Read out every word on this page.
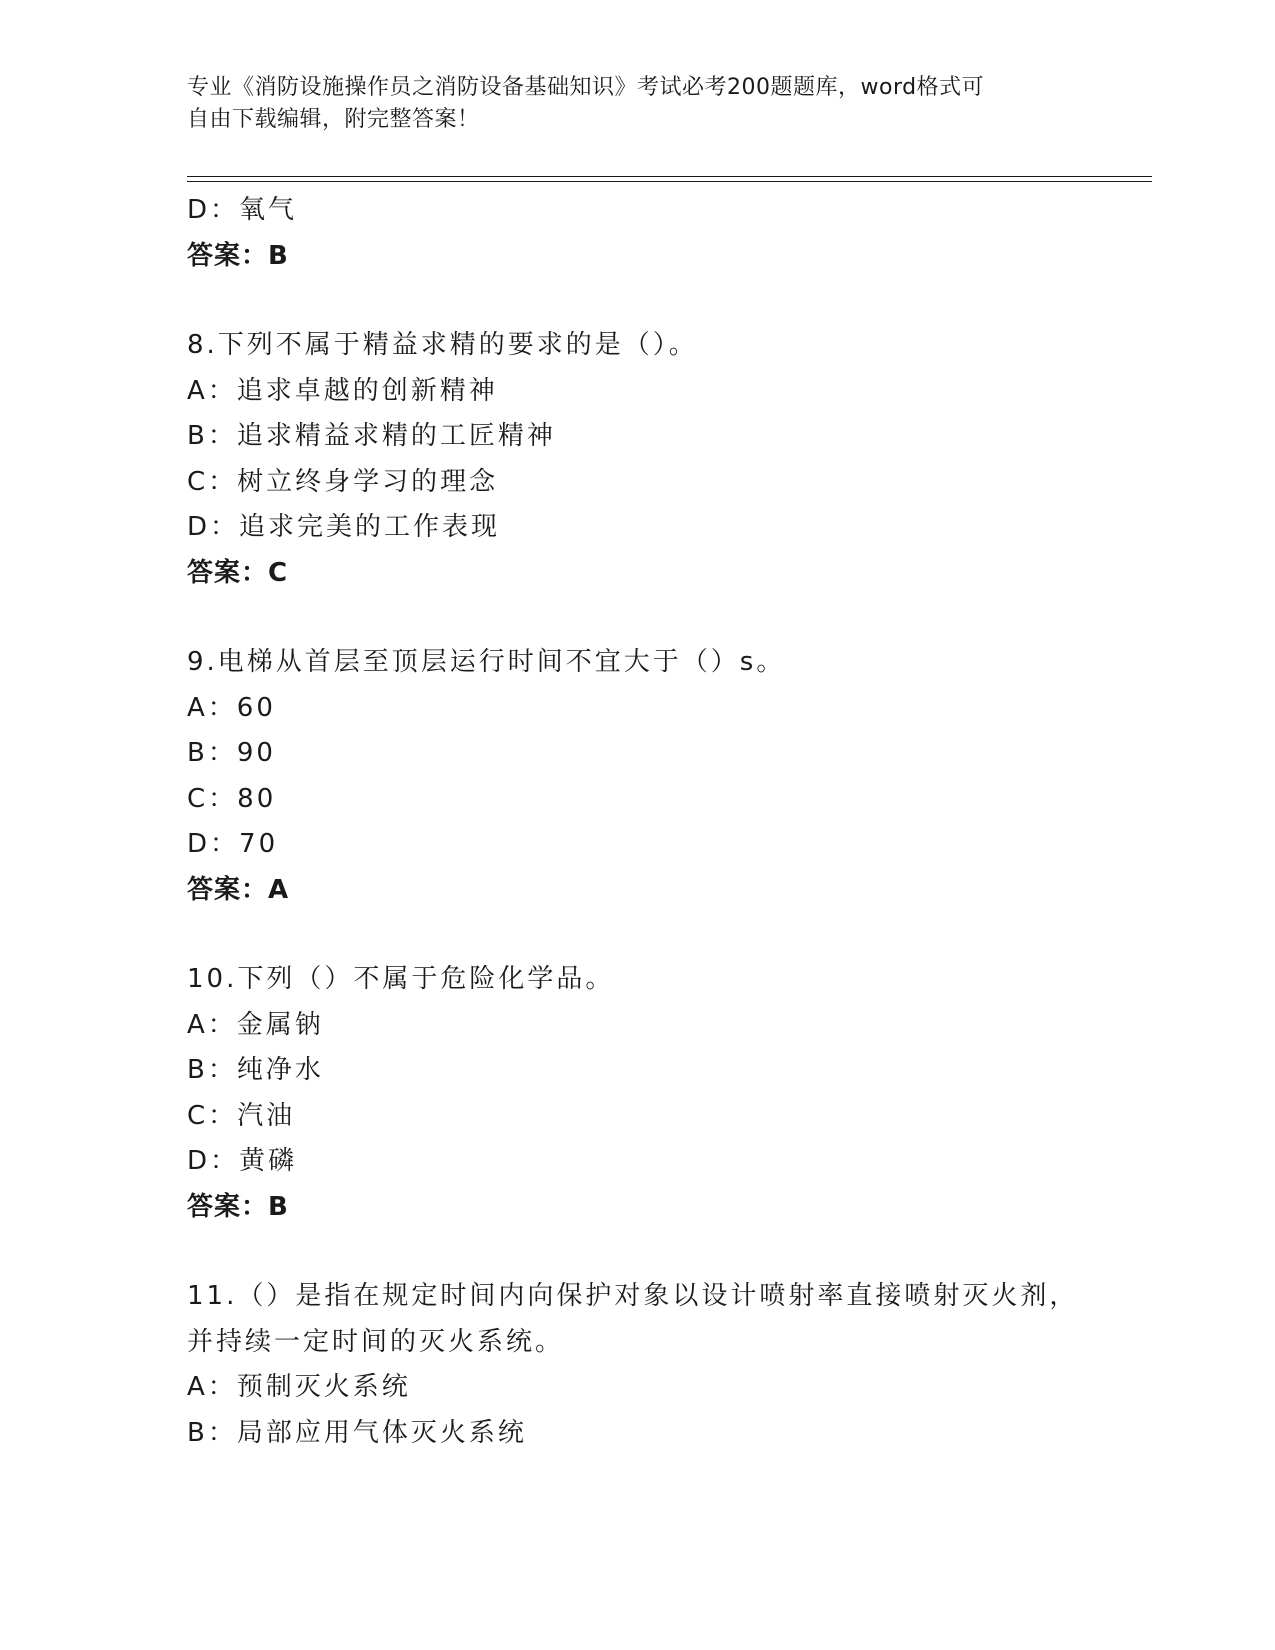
专业《消防设施操作员之消防设备基础知识》考试必考200题题库，word格式可
自由下载编辑，附完整答案！
D：氧气
答案：B
8.下列不属于精益求精的要求的是（）。
A：追求卓越的创新精神
B：追求精益求精的工匠精神
C：树立终身学习的理念
D：追求完美的工作表现
答案：C
9.电梯从首层至顶层运行时间不宜大于（）s。
A：60
B：90
C：80
D：70
答案：A
10.下列（）不属于危险化学品。
A：金属钠
B：纯净水
C：汽油
D：黄磷
答案：B
11.（）是指在规定时间内向保护对象以设计喷射率直接喷射灭火剂，
并持续一定时间的灭火系统。
A：预制灭火系统
B：局部应用气体灭火系统
